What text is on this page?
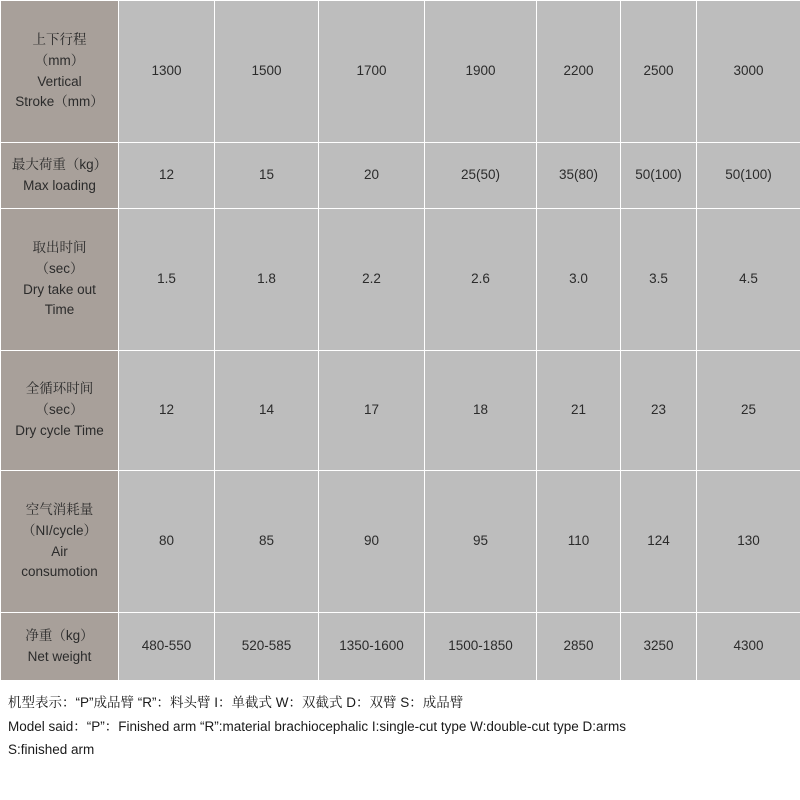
上下行程
（mm）
Vertical
Stroke（mm）	1300	1500	1700	1900	2200	2500	3000

最大荷重（kg）
Max loading	12	15	20	25(50)	35(80)	50(100)	50(100)

取出时间
（sec）
Dry take out
Time	1.5	1.8	2.2	2.6	3.0	3.5	4.5

全循环时间
（sec）
Dry cycle Time	12	14	17	18	21	23	25

空气消耗量
（NI/cycle）
Air
consumotion	80	85	90	95	110	124	130

净重（kg）
Net weight	480-550	520-585	1350-1600	1500-1850	2850	3250	4300
机型表示：“P”成品臂 “R”：料头臂 I：单截式 W：双截式 D：双臂 S：成品臂
Model said：“P”：Finished arm “R”:material brachiocephalic I:single-cut type W:double-cut type D:arms
S:finished arm
